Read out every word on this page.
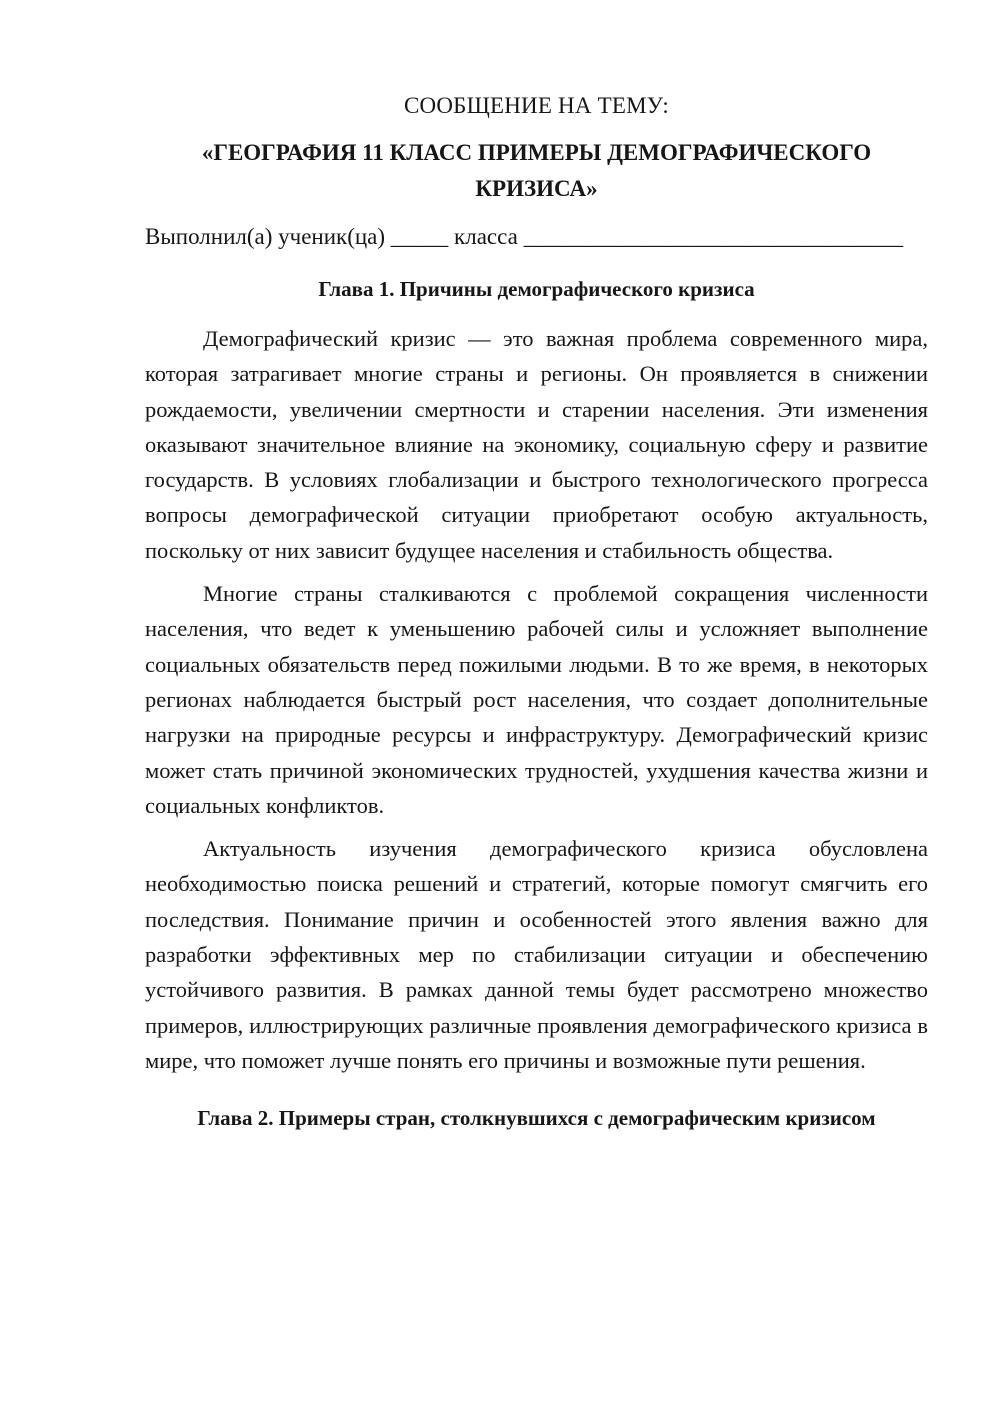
СООБЩЕНИЕ НА ТЕМУ:
«ГЕОГРАФИЯ 11 КЛАСС ПРИМЕРЫ ДЕМОГРАФИЧЕСКОГО КРИЗИСА»
Выполнил(а) ученик(ца) _____ класса _________________________________
Глава 1. Причины демографического кризиса

Демографический кризис — это важная проблема современного мира, которая затрагивает многие страны и регионы. Он проявляется в снижении рождаемости, увеличении смертности и старении населения. Эти изменения оказывают значительное влияние на экономику, социальную сферу и развитие государств. В условиях глобализации и быстрого технологического прогресса вопросы демографической ситуации приобретают особую актуальность, поскольку от них зависит будущее населения и стабильность общества.

Многие страны сталкиваются с проблемой сокращения численности населения, что ведет к уменьшению рабочей силы и усложняет выполнение социальных обязательств перед пожилыми людьми. В то же время, в некоторых регионах наблюдается быстрый рост населения, что создает дополнительные нагрузки на природные ресурсы и инфраструктуру. Демографический кризис может стать причиной экономических трудностей, ухудшения качества жизни и социальных конфликтов.

Актуальность изучения демографического кризиса обусловлена необходимостью поиска решений и стратегий, которые помогут смягчить его последствия. Понимание причин и особенностей этого явления важно для разработки эффективных мер по стабилизации ситуации и обеспечению устойчивого развития. В рамках данной темы будет рассмотрено множество примеров, иллюстрирующих различные проявления демографического кризиса в мире, что поможет лучше понять его причины и возможные пути решения.

Глава 2. Примеры стран, столкнувшихся с демографическим кризисом
